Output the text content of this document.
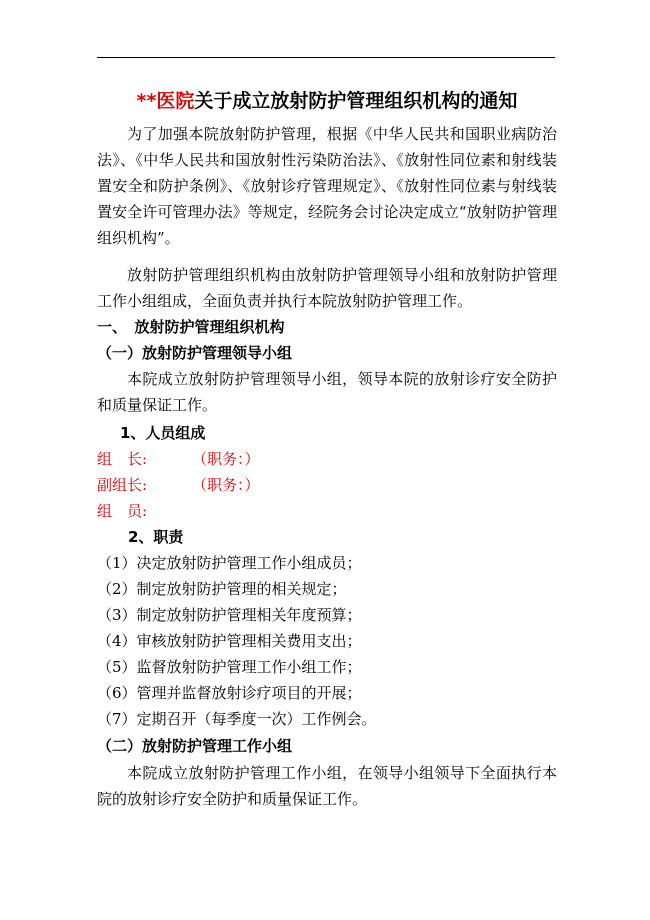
**医院关于成立放射防护管理组织机构的通知
为了加强本院放射防护管理，根据《中华人民共和国职业病防治法》、《中华人民共和国放射性污染防治法》、《放射性同位素和射线装置安全和防护条例》、《放射诊疗管理规定》、《放射性同位素与射线装置安全许可管理办法》等规定，经院务会讨论决定成立“放射防护管理组织机构”。
放射防护管理组织机构由放射防护管理领导小组和放射防护管理工作小组组成，全面负责并执行本院放射防护管理工作。
一、　放射防护管理组织机构
（一）放射防护管理领导小组
本院成立放射防护管理领导小组，领导本院的放射诊疗安全防护和质量保证工作。
1、人员组成
组　长:	（职务：）
副组长:	（职务：）
组　员:
2、职责
（1）决定放射防护管理工作小组成员；
（2）制定放射防护管理的相关规定；
（3）制定放射防护管理相关年度预算；
（4）审核放射防护管理相关费用支出；
（5）监督放射防护管理工作小组工作；
（6）管理并监督放射诊疗项目的开展；
（7）定期召开（每季度一次）工作例会。
（二）放射防护管理工作小组
本院成立放射防护管理工作小组，在领导小组领导下全面执行本院的放射诊疗安全防护和质量保证工作。
